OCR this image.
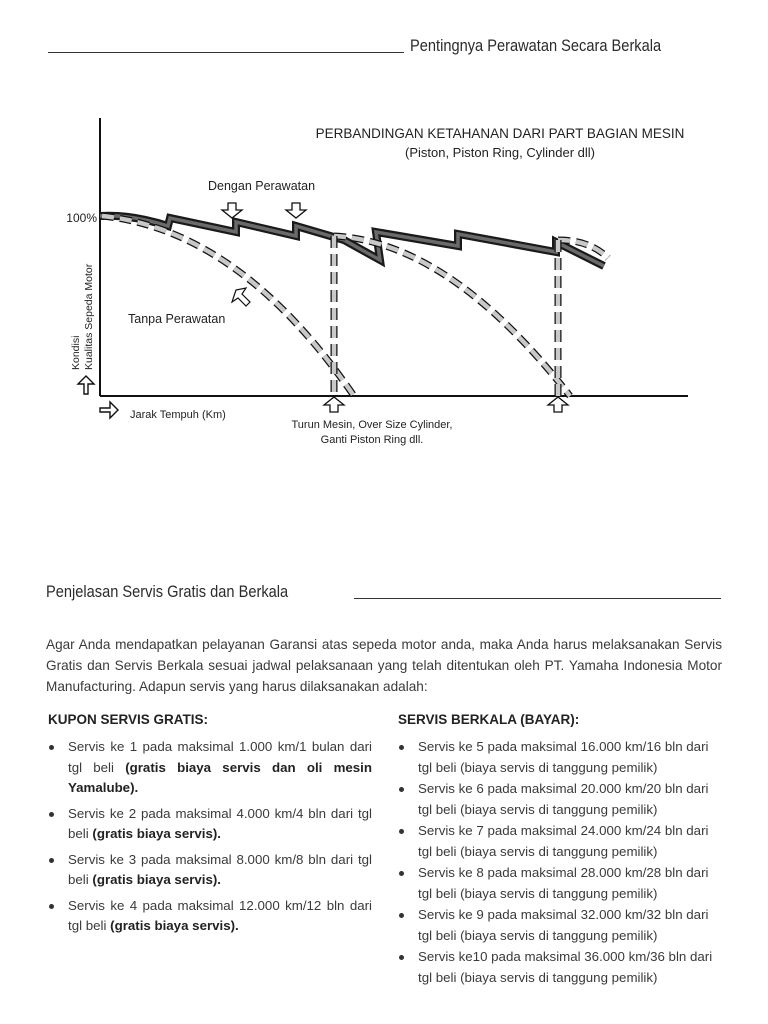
Pentingnya Perawatan Secara Berkala
PERBANDINGAN KETAHANAN DARI PART BAGIAN MESIN
(Piston, Piston Ring, Cylinder dll)
100%
Kondisi Kualitas Sepeda Motor
Jarak Tempuh (Km)
Dengan Perawatan
Tanpa Perawatan
Turun Mesin, Over Size Cylinder,
Ganti Piston Ring dll.
Penjelasan Servis Gratis dan Berkala

Agar Anda mendapatkan pelayanan Garansi atas sepeda motor anda, maka Anda harus melaksanakan Servis Gratis dan Servis Berkala sesuai jadwal pelaksanaan yang telah ditentukan oleh PT. Yamaha Indonesia Motor Manufacturing. Adapun servis yang harus dilaksanakan adalah:

KUPON SERVIS GRATIS:
Servis ke 1 pada maksimal 1.000 km/1 bulan dari tgl beli (gratis biaya servis dan oli mesin Yamalube).
Servis ke 2 pada maksimal 4.000 km/4 bln dari tgl beli (gratis biaya servis).
Servis ke 3 pada maksimal 8.000 km/8 bln dari tgl beli (gratis biaya servis).
Servis ke 4 pada maksimal 12.000 km/12 bln dari tgl beli (gratis biaya servis).
SERVIS BERKALA (BAYAR):
Servis ke 5 pada maksimal 16.000 km/16 bln dari tgl beli (biaya servis di tanggung pemilik)
Servis ke 6 pada maksimal 20.000 km/20 bln dari tgl beli (biaya servis di tanggung pemilik)
Servis ke 7 pada maksimal 24.000 km/24 bln dari tgl beli (biaya servis di tanggung pemilik)
Servis ke 8 pada maksimal 28.000 km/28 bln dari tgl beli (biaya servis di tanggung pemilik)
Servis ke 9 pada maksimal 32.000 km/32 bln dari tgl beli (biaya servis di tanggung pemilik)
Servis ke10 pada maksimal 36.000 km/36 bln dari tgl beli (biaya servis di tanggung pemilik)
